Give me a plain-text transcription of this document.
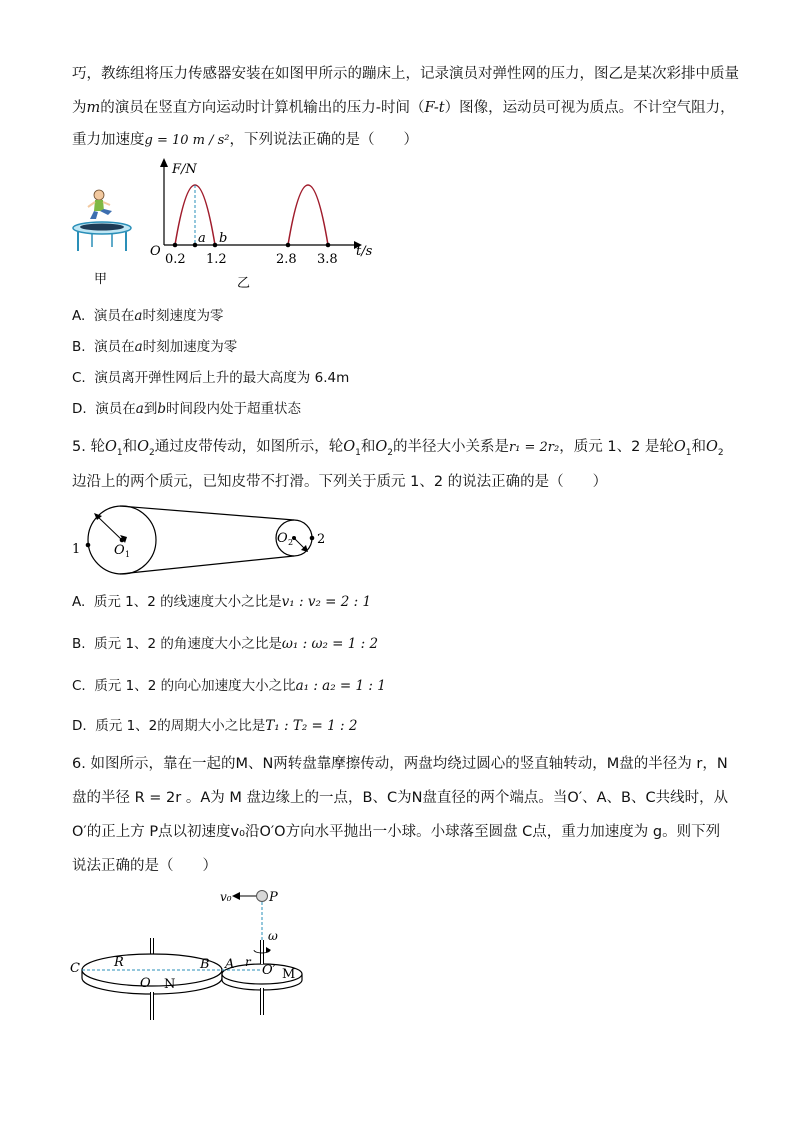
巧，教练组将压力传感器安装在如图甲所示的蹦床上，记录演员对弹性网的压力，图乙是某次彩排中质量
为m的演员在竖直方向运动时计算机输出的压力-时间（F-t）图像，运动员可视为质点。不计空气阻力，
重力加速度g = 10 m / s²，下列说法正确的是（　　）
甲
F/N
t/s
O
a b
0.2 1.2	2.8 3.8
乙
A. 演员在a时刻速度为零
B. 演员在a时刻加速度为零
C. 演员离开弹性网后上升的最大高度为 6.4m
D. 演员在a到b时间段内处于超重状态
5. 轮$O_1$和$O_2$通过皮带传动，如图所示，轮$O_1$和$O_2$的半径大小关系是r₁ = 2r₂，质元 1、2 是轮$O_1$和$O_2$
边沿上的两个质元，已知皮带不打滑。下列关于质元 1、2 的说法正确的是（　　）
1	O 1
O 2 2
A. 质元 1、2 的线速度大小之比是v₁ : v₂ = 2 : 1
B. 质元 1、2 的角速度大小之比是ω₁ : ω₂ = 1 : 2
C. 质元 1、2 的向心加速度大小之比a₁ : a₂ = 1 : 1
D. 质元 1、2的周期大小之比是T₁ : T₂ = 1 : 2
6. 如图所示，靠在一起的M、N两转盘靠摩擦传动，两盘均绕过圆心的竖直轴转动，M盘的半径为 r，N
盘的半径 R = 2r 。A为 M 盘边缘上的一点，B、C为N盘直径的两个端点。当O′、A、B、C共线时，从
O′的正上方 P点以初速度v₀沿O′O方向水平抛出一小球。小球落至圆盘 C点，重力加速度为 g。则下列
说法正确的是（　　）
v₀	P
ω
C	R	B A r
O′ M
O N
